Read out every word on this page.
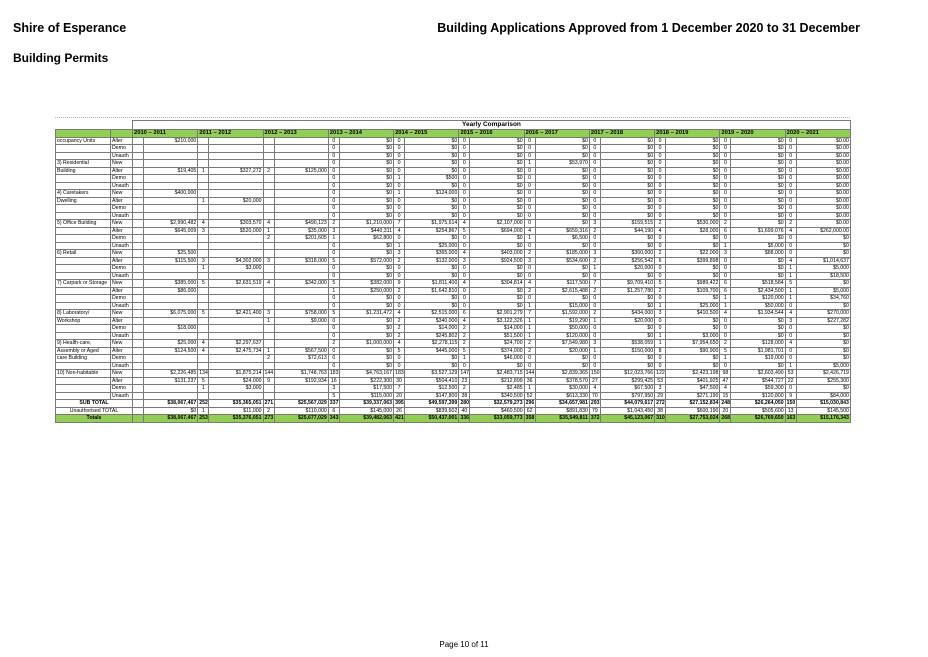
Shire of Esperance	Building Applications Approved from 1 December 2020 to 31 December
Building Permits
		Yearly Comparison																					
		2010 – 2011		2011 – 2012		2012 – 2013		2013 – 2014		2014 – 2015		2015 – 2016		2016 – 2017		2017 – 2018		2018 – 2019		2019 – 2020		2020 – 2021	
occupancy Units	Alter		$210,000					0	$0	0	$0	0	$0	0	$0	0	$0	0	$0	0	$0	0	$0.00
	Demo							0	$0	0	$0	0	$0	0	$0	0	$0	0	$0	0	$0	0	$0.00
	Unauth							0	$0	0	$0	0	$0	0	$0	0	$0	0	$0	0	$0	0	$0.00
3) Residential	New							0	$0	0	$0	0	$0	1	$53,970	0	$0	0	$0	0	$0	0	$0.00
Building	Alter		$19,405	1	$327,272	2	$125,000	0	$0	0	$0	0	$0	0	$0	0	$0	0	$0	0	$0	0	$0.00
	Demo							0	$0	1	$500	0	$0	0	$0	0	$0	0	$0	0	$0	0	$0.00
	Unauth							0	$0	0	$0	0	$0	0	$0	0	$0	0	$0	0	$0	0	$0.00
4) Caretakers	New		$400,000					0	$0	1	$124,000	0	$0	0	$0	0	$0	0	$0	0	$0	0	$0.00
Dwelling	Alter			1	$20,000			0	$0	0	$0	0	$0	0	$0	0	$0	0	$0	0	$0	0	$0.00
	Demo							0	$0	0	$0	0	$0	0	$0	0	$0	0	$0	0	$0	0	$0.00
	Unauth							0	$0	0	$0	0	$0	0	$0	0	$0	0	$0	0	$0	0	$0.00
5) Office Building	New		$2,990,482	4	$303,570	4	$490,123	2	$1,210,000	7	$1,975,614	4	$2,107,000	0	$0	3	$159,515	2	$530,000	2	$0	2	$0.00
	Alter		$645,009	3	$520,000	1	$35,000	3	$440,311	4	$254,867	5	$694,000	4	$659,316	2	$44,190	4	$28,000	6	$1,699,076	4	$262,000.00
	Demo					2	$201,605	1	$62,800	0	$0	0	$0	1	$6,500	0	$0	0	$0	0	$0	0	$0
	Unauth							0	$0	1	$25,000	0	$0	0	$0	0	$0	0	$0	1	$5,000	0	$0
6) Retail	New		$25,500					0	$0	3	$365,000	4	$403,000	2	$185,000	3	$360,000	2	$22,000	3	$88,000	0	$0
	Alter		$115,500	3	$4,302,000	3	$318,000	5	$572,000	2	$132,000	3	$924,500	3	$534,600	2	$256,542	6	$399,898	0	$0	4	$1,014,637
	Demo			1	$3,000			0	$0	0	$0	0	$0	0	$0	1	$20,000	0	$0	0	$0	1	$5,000
	Unauth							0	$0	0	$0	0	$0	0	$0	0	$0	0	$0	0	$0	1	$18,500
7) Carpark or Storage	New		$385,000	5	$2,631,519	4	$342,000	5	$382,000	9	$1,811,400	4	$304,814	4	$117,500	7	$9,709,410	5	$989,422	6	$518,584	5	$0
	Alter		$86,000					1	$250,000	2	$1,642,810	0	$0	2	$2,615,488	2	$1,257,780	2	$109,700	6	$2,434,500	1	$5,000
	Demo							0	$0	0	$0	0	$0	0	$0	0	$0	0	$0	1	$120,000	1	$34,760
	Unauth							0	$0	0	$0	0	$0	1	$15,000	0	$0	1	$25,000	1	$50,000	0	$0
8) Laboratory/	New		$6,075,000	5	$2,421,400	3	$758,000	5	$1,231,472	4	$2,515,000	6	$2,901,279	7	$1,592,000	2	$434,000	3	$410,500	4	$1,934,544	4	$270,000
Workshop	Alter					1	$9,000	0	$0	2	$340,000	4	$3,122,326	1	$19,290	1	$20,000	0	$0	0	$0	3	$227,282
	Demo		$18,000					0	$0	2	$14,000	2	$14,000	1	$50,000	0	$0	0	$0	0	$0	0	$0
	Unauth							0	$0	2	$245,802	2	$51,500	1	$120,000	0	$0	1	$3,000	0	$0	0	$0
9) Health-care,	New		$25,000	4	$2,297,637			2	$1,000,000	4	$2,278,115	2	$24,700	2	$7,549,980	3	$538,059	1	$7,954,650	2	$128,000	4	$0
Assembly or Aged	Alter		$124,500	4	$2,475,734	1	$567,500	0	$0	5	$445,000	5	$374,000	2	$20,000	1	$150,000	8	$90,900	5	$1,981,701	0	$0
care Building	Demo					2	$72,613	0	$0	0	$0	1	$46,000	0	$0	0	$0	0	$0	1	$19,000	0	$0
	Unauth							0	$0	0	$0	0	$0	0	$0	0	$0	0	$0	0	$0	1	$5,000
10) Non-habitable	New		$2,226,485	134	$1,875,214	144	$1,748,763	183	$4,763,167	183	$3,527,129	147	$2,483,715	144	$2,839,365	150	$12,023,766	122	$2,423,198	98	$2,603,490	53	$2,426,719
	Alter		$131,237	5	$24,000	9	$192,934	16	$222,300	30	$504,410	23	$212,899	36	$378,570	27	$299,425	53	$401,925	47	$544,727	22	$255,300
	Demo			1	$3,000			3	$17,500	7	$12,500	2	$2,485	1	$30,000	4	$67,500	3	$47,500	4	$59,300	0	$0
	Unauth							5	$115,000	20	$147,800	38	$340,500	52	$613,330	70	$797,950	29	$271,190	15	$120,800	9	$84,000
SUB TOTAL			$38,067,467	252	$35,365,051	271	$25,567,029	337	$39,337,063	395	$49,597,399	280	$32,579,273	296	$34,657,981	293	$44,079,617	272	$27,152,834	248	$26,264,050	150	$15,030,843
Unauthorised TOTAL			$0	1	$11,000	2	$110,000	6	$145,000	26	$839,602	40	$460,500	62	$891,830	79	$1,043,450	38	$600,190	20	$505,600	13	$145,500
Totals			$38,067,467	253	$35,376,051	273	$25,677,029	343	$39,482,063	421	$50,437,001	336	$33,059,773	358	$35,549,811	372	$45,123,067	310	$27,753,024	268	$26,769,650	163	$15,176,343
Page 10 of 11
